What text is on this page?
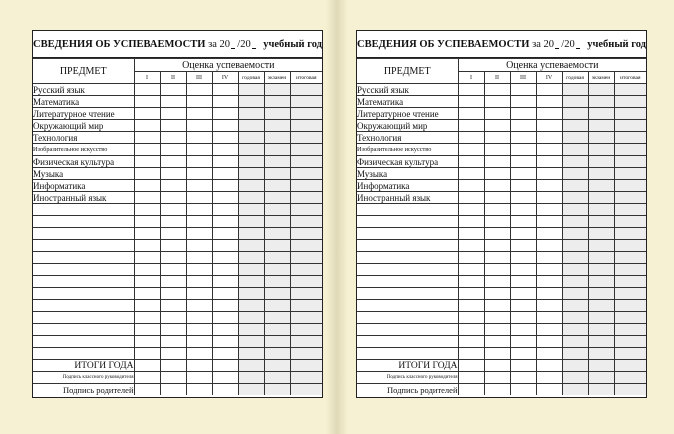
СВЕДЕНИЯ ОБ УСПЕВАЕМОСТИ
за 20 /20
учебный год
ПРЕДМЕТ	Оценка успеваемости						
	I	II	III	IV	годовая	экзамен	итоговая
Русский язык							
Математика							
Литературное чтение							
Окружающий мир							
Технология							
Изобразительное искусство							
Физическая культура							
Музыка							
Информатика							
Иностранный язык							

ИТОГИ ГОДА							
Подпись классного руководителя							
Подпись родителей							
СВЕДЕНИЯ ОБ УСПЕВАЕМОСТИ
за 20 /20
учебный год
ПРЕДМЕТ	Оценка успеваемости						
	I	II	III	IV	годовая	экзамен	итоговая
Русский язык							
Математика							
Литературное чтение							
Окружающий мир							
Технология							
Изобразительное искусство							
Физическая культура							
Музыка							
Информатика							
Иностранный язык							

ИТОГИ ГОДА							
Подпись классного руководителя							
Подпись родителей							
